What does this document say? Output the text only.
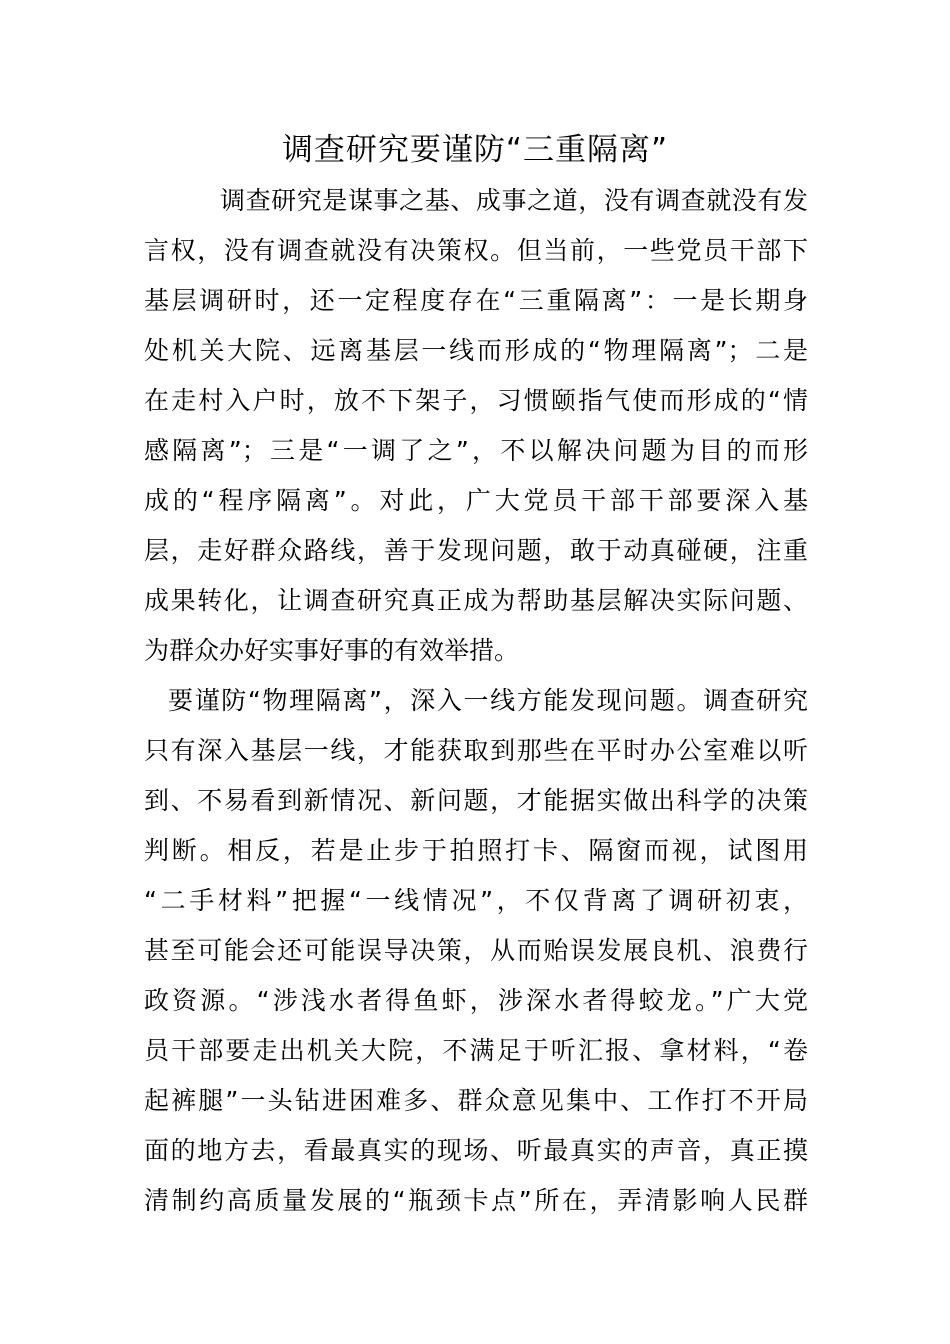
调查研究要谨防“三重隔离”
调查研究是谋事之基、成事之道，没有调查就没有发
言权，没有调查就没有决策权。但当前，一些党员干部下
基层调研时，还一定程度存在“三重隔离”：一是长期身
处机关大院、远离基层一线而形成的“物理隔离”；二是
在走村入户时，放不下架子，习惯颐指气使而形成的“情
感隔离”；三是“一调了之”，不以解决问题为目的而形
成的“程序隔离”。对此，广大党员干部干部要深入基
层，走好群众路线，善于发现问题，敢于动真碰硬，注重
成果转化，让调查研究真正成为帮助基层解决实际问题、
为群众办好实事好事的有效举措。
要谨防“物理隔离”，深入一线方能发现问题。调查研究
只有深入基层一线，才能获取到那些在平时办公室难以听
到、不易看到新情况、新问题，才能据实做出科学的决策
判断。相反，若是止步于拍照打卡、隔窗而视，试图用
“二手材料”把握“一线情况”，不仅背离了调研初衷，
甚至可能会还可能误导决策，从而贻误发展良机、浪费行
政资源。“涉浅水者得鱼虾，涉深水者得蛟龙。”广大党
员干部要走出机关大院，不满足于听汇报、拿材料，“卷
起裤腿”一头钻进困难多、群众意见集中、工作打不开局
面的地方去，看最真实的现场、听最真实的声音，真正摸
清制约高质量发展的“瓶颈卡点”所在，弄清影响人民群
